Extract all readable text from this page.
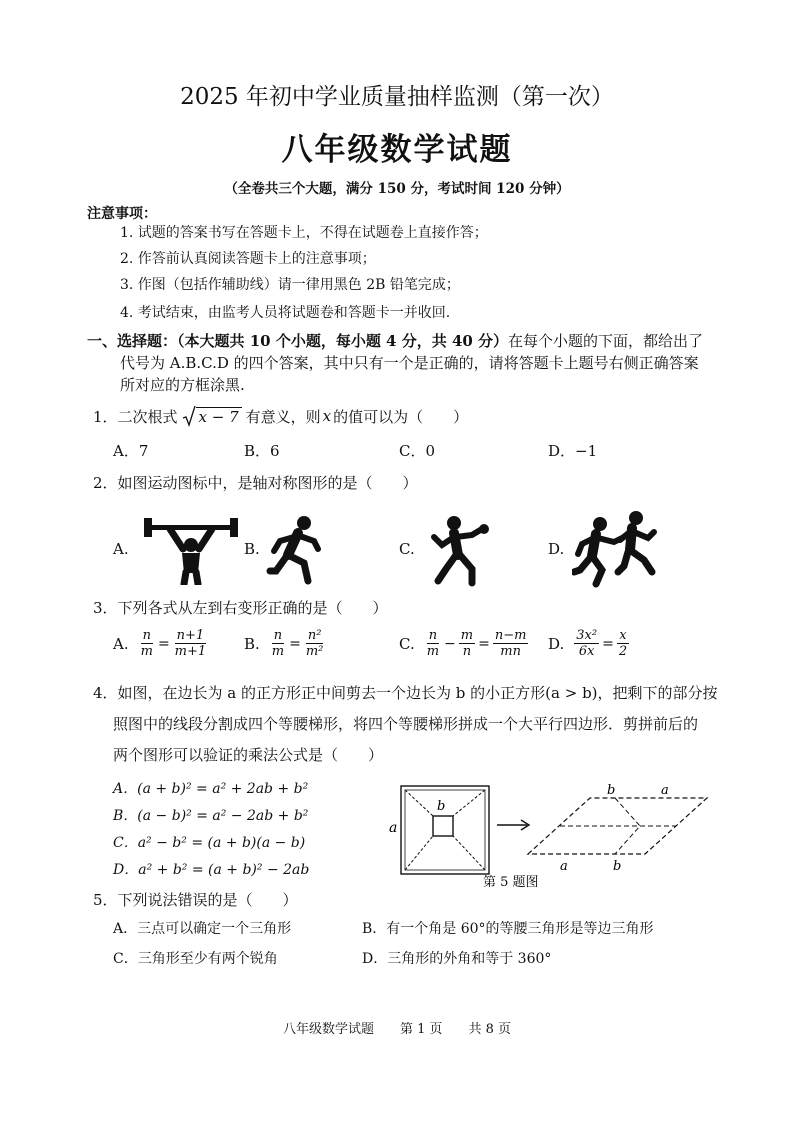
2025 年初中学业质量抽样监测（第一次）
八年级数学试题
（全卷共三个大题，满分 150 分，考试时间 120 分钟）
注意事项：
1. 试题的答案书写在答题卡上，不得在试题卷上直接作答；
2. 作答前认真阅读答题卡上的注意事项；
3. 作图（包括作辅助线）请一律用黑色 2B 铅笔完成；
4. 考试结束，由监考人员将试题卷和答题卡一并收回.
一、选择题：（本大题共 10 个小题，每小题 4 分，共 40 分）在每个小题的下面，都给出了
代号为 A.B.C.D 的四个答案，其中只有一个是正确的，请将答题卡上题号右侧正确答案
所对应的方框涂黑.
1．二次根式 x − 7 有意义，则 x 的值可以为（　　）
A．7	B．6	C．0	D．−1
2．如图运动图标中，是轴对称图形的是（　　）
A.	B.	C.	D.
3．下列各式从左到右变形正确的是（　　）
A. $\frac{n}{m} = \frac{n+1}{m+1} B$. $\frac{n}{m} = \frac{\text{n²}}{\text{m²}}$	C. $\frac{n}{m} - \frac{m}{n} = \frac{n-m}{mn} D$. $\frac{\text{3x²}}{6x} = \frac{x}{2}$
4．如图，在边长为 a 的正方形正中间剪去一个边长为 b 的小正方形(a > b)，把剩下的部分按
照图中的线段分割成四个等腰梯形，将四个等腰梯形拼成一个大平行四边形．剪拼前后的
两个图形可以验证的乘法公式是（　　）
A．(a + b)² = a² + 2ab + b²
B．(a − b)² = a² − 2ab + b²
C．a² − b² = (a + b)(a − b)
D．a² + b² = (a + b)² − 2ab
a
b
b	a
a	b
第 5 题图
5．下列说法错误的是（　　）
A．三点可以确定一个三角形	B．有一个角是 60°的等腰三角形是等边三角形
C．三角形至少有两个锐角	D．三角形的外角和等于 360°
八年级数学试题　　第 1 页　　共 8 页
